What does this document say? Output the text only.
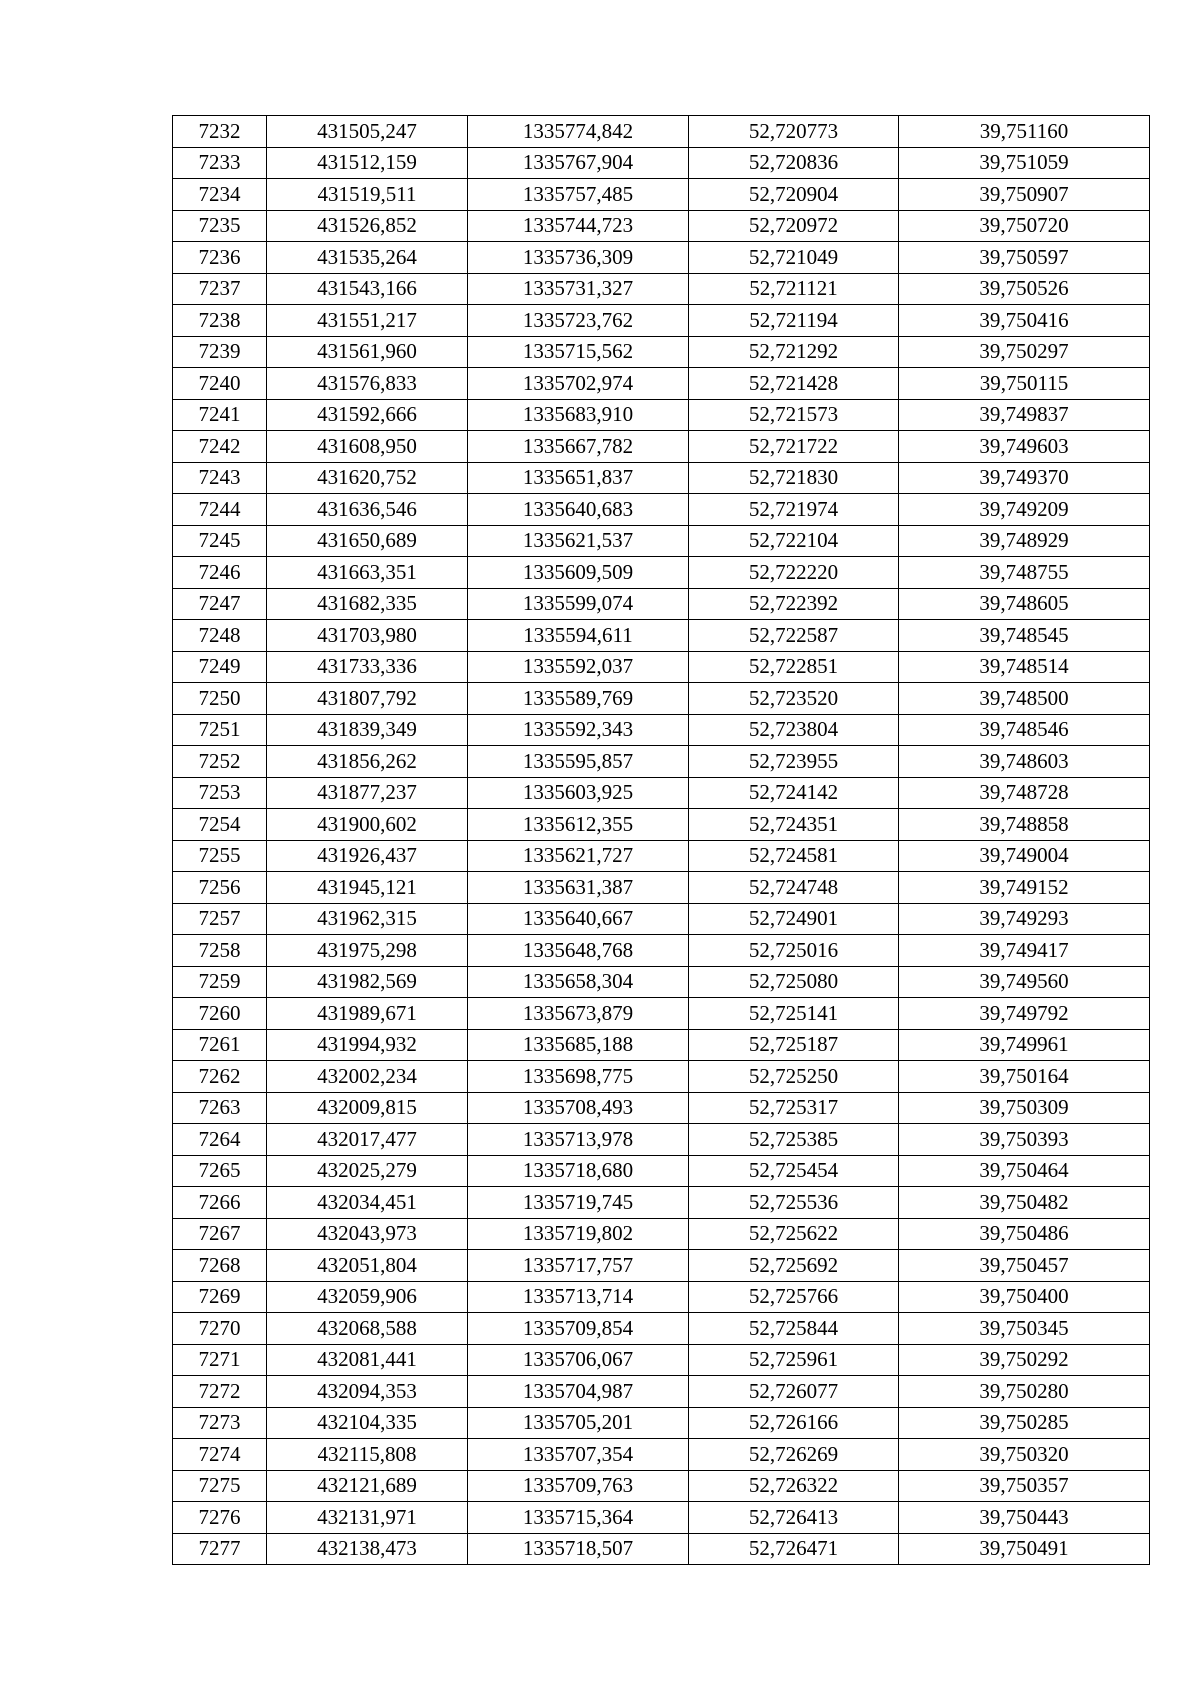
7232	431505,247	1335774,842	52,720773	39,751160
7233	431512,159	1335767,904	52,720836	39,751059
7234	431519,511	1335757,485	52,720904	39,750907
7235	431526,852	1335744,723	52,720972	39,750720
7236	431535,264	1335736,309	52,721049	39,750597
7237	431543,166	1335731,327	52,721121	39,750526
7238	431551,217	1335723,762	52,721194	39,750416
7239	431561,960	1335715,562	52,721292	39,750297
7240	431576,833	1335702,974	52,721428	39,750115
7241	431592,666	1335683,910	52,721573	39,749837
7242	431608,950	1335667,782	52,721722	39,749603
7243	431620,752	1335651,837	52,721830	39,749370
7244	431636,546	1335640,683	52,721974	39,749209
7245	431650,689	1335621,537	52,722104	39,748929
7246	431663,351	1335609,509	52,722220	39,748755
7247	431682,335	1335599,074	52,722392	39,748605
7248	431703,980	1335594,611	52,722587	39,748545
7249	431733,336	1335592,037	52,722851	39,748514
7250	431807,792	1335589,769	52,723520	39,748500
7251	431839,349	1335592,343	52,723804	39,748546
7252	431856,262	1335595,857	52,723955	39,748603
7253	431877,237	1335603,925	52,724142	39,748728
7254	431900,602	1335612,355	52,724351	39,748858
7255	431926,437	1335621,727	52,724581	39,749004
7256	431945,121	1335631,387	52,724748	39,749152
7257	431962,315	1335640,667	52,724901	39,749293
7258	431975,298	1335648,768	52,725016	39,749417
7259	431982,569	1335658,304	52,725080	39,749560
7260	431989,671	1335673,879	52,725141	39,749792
7261	431994,932	1335685,188	52,725187	39,749961
7262	432002,234	1335698,775	52,725250	39,750164
7263	432009,815	1335708,493	52,725317	39,750309
7264	432017,477	1335713,978	52,725385	39,750393
7265	432025,279	1335718,680	52,725454	39,750464
7266	432034,451	1335719,745	52,725536	39,750482
7267	432043,973	1335719,802	52,725622	39,750486
7268	432051,804	1335717,757	52,725692	39,750457
7269	432059,906	1335713,714	52,725766	39,750400
7270	432068,588	1335709,854	52,725844	39,750345
7271	432081,441	1335706,067	52,725961	39,750292
7272	432094,353	1335704,987	52,726077	39,750280
7273	432104,335	1335705,201	52,726166	39,750285
7274	432115,808	1335707,354	52,726269	39,750320
7275	432121,689	1335709,763	52,726322	39,750357
7276	432131,971	1335715,364	52,726413	39,750443
7277	432138,473	1335718,507	52,726471	39,750491
